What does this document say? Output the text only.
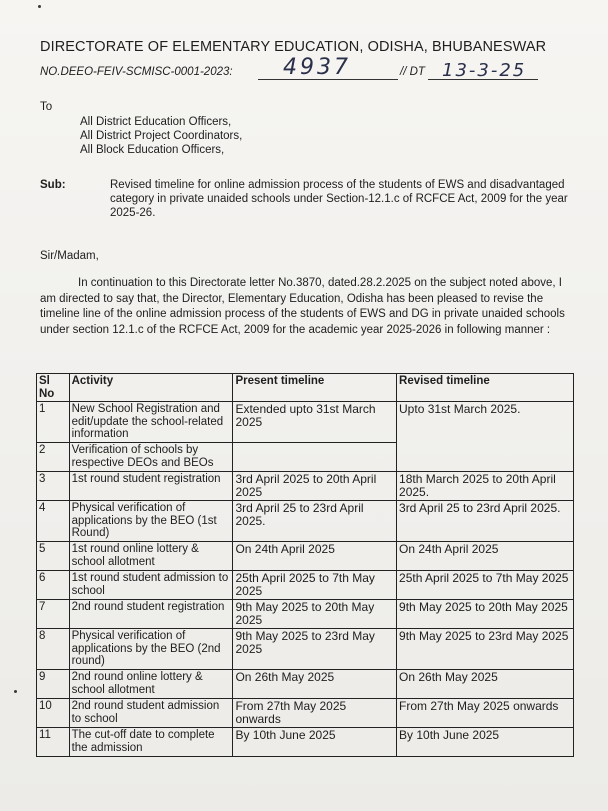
DIRECTORATE OF ELEMENTARY EDUCATION, ODISHA, BHUBANESWAR
NO.DEEO-FEIV-SCMISC-0001-2023: 4937	// DT 13-3-25
To
All District Education Officers,
All District Project Coordinators,
All Block Education Officers,
Sub:	Revised timeline for online admission process of the students of EWS and disadvantaged category in private unaided schools under Section-12.1.c of RCFCE Act, 2009 for the year 2025-26.
Sir/Madam,
In continuation to this Directorate letter No.3870, dated.28.2.2025 on the subject noted above, I am directed to say that, the Director, Elementary Education, Odisha has been pleased to revise the timeline line of the online admission process of the students of EWS and DG in private unaided schools under section 12.1.c of the RCFCE Act, 2009 for the academic year 2025-2026 in following manner :
Sl No	Activity	Present timeline	Revised timeline
1	New School Registration and edit/update the school-related information	Extended upto 31st March 2025	Upto 31st March 2025.
2	Verification of schools by respective DEOs and BEOs		
3	1st round student registration	3rd April 2025 to 20th April 2025	18th March 2025 to 20th April 2025.
4	Physical verification of applications by the BEO (1st Round)	3rd April 25 to 23rd April 2025.	3rd April 25 to 23rd April 2025.
5	1st round online lottery & school allotment	On 24th April 2025	On 24th April 2025
6	1st round student admission to school	25th April 2025 to 7th May 2025	25th April 2025 to 7th May 2025
7	2nd round student registration	9th May 2025 to 20th May 2025	9th May 2025 to 20th May 2025
8	Physical verification of applications by the BEO (2nd round)	9th May 2025 to 23rd May 2025	9th May 2025 to 23rd May 2025
9	2nd round online lottery & school allotment	On 26th May 2025	On 26th May 2025
10	2nd round student admission to school	From 27th May 2025 onwards	From 27th May 2025 onwards
11	The cut-off date to complete the admission	By 10th June 2025	By 10th June 2025
